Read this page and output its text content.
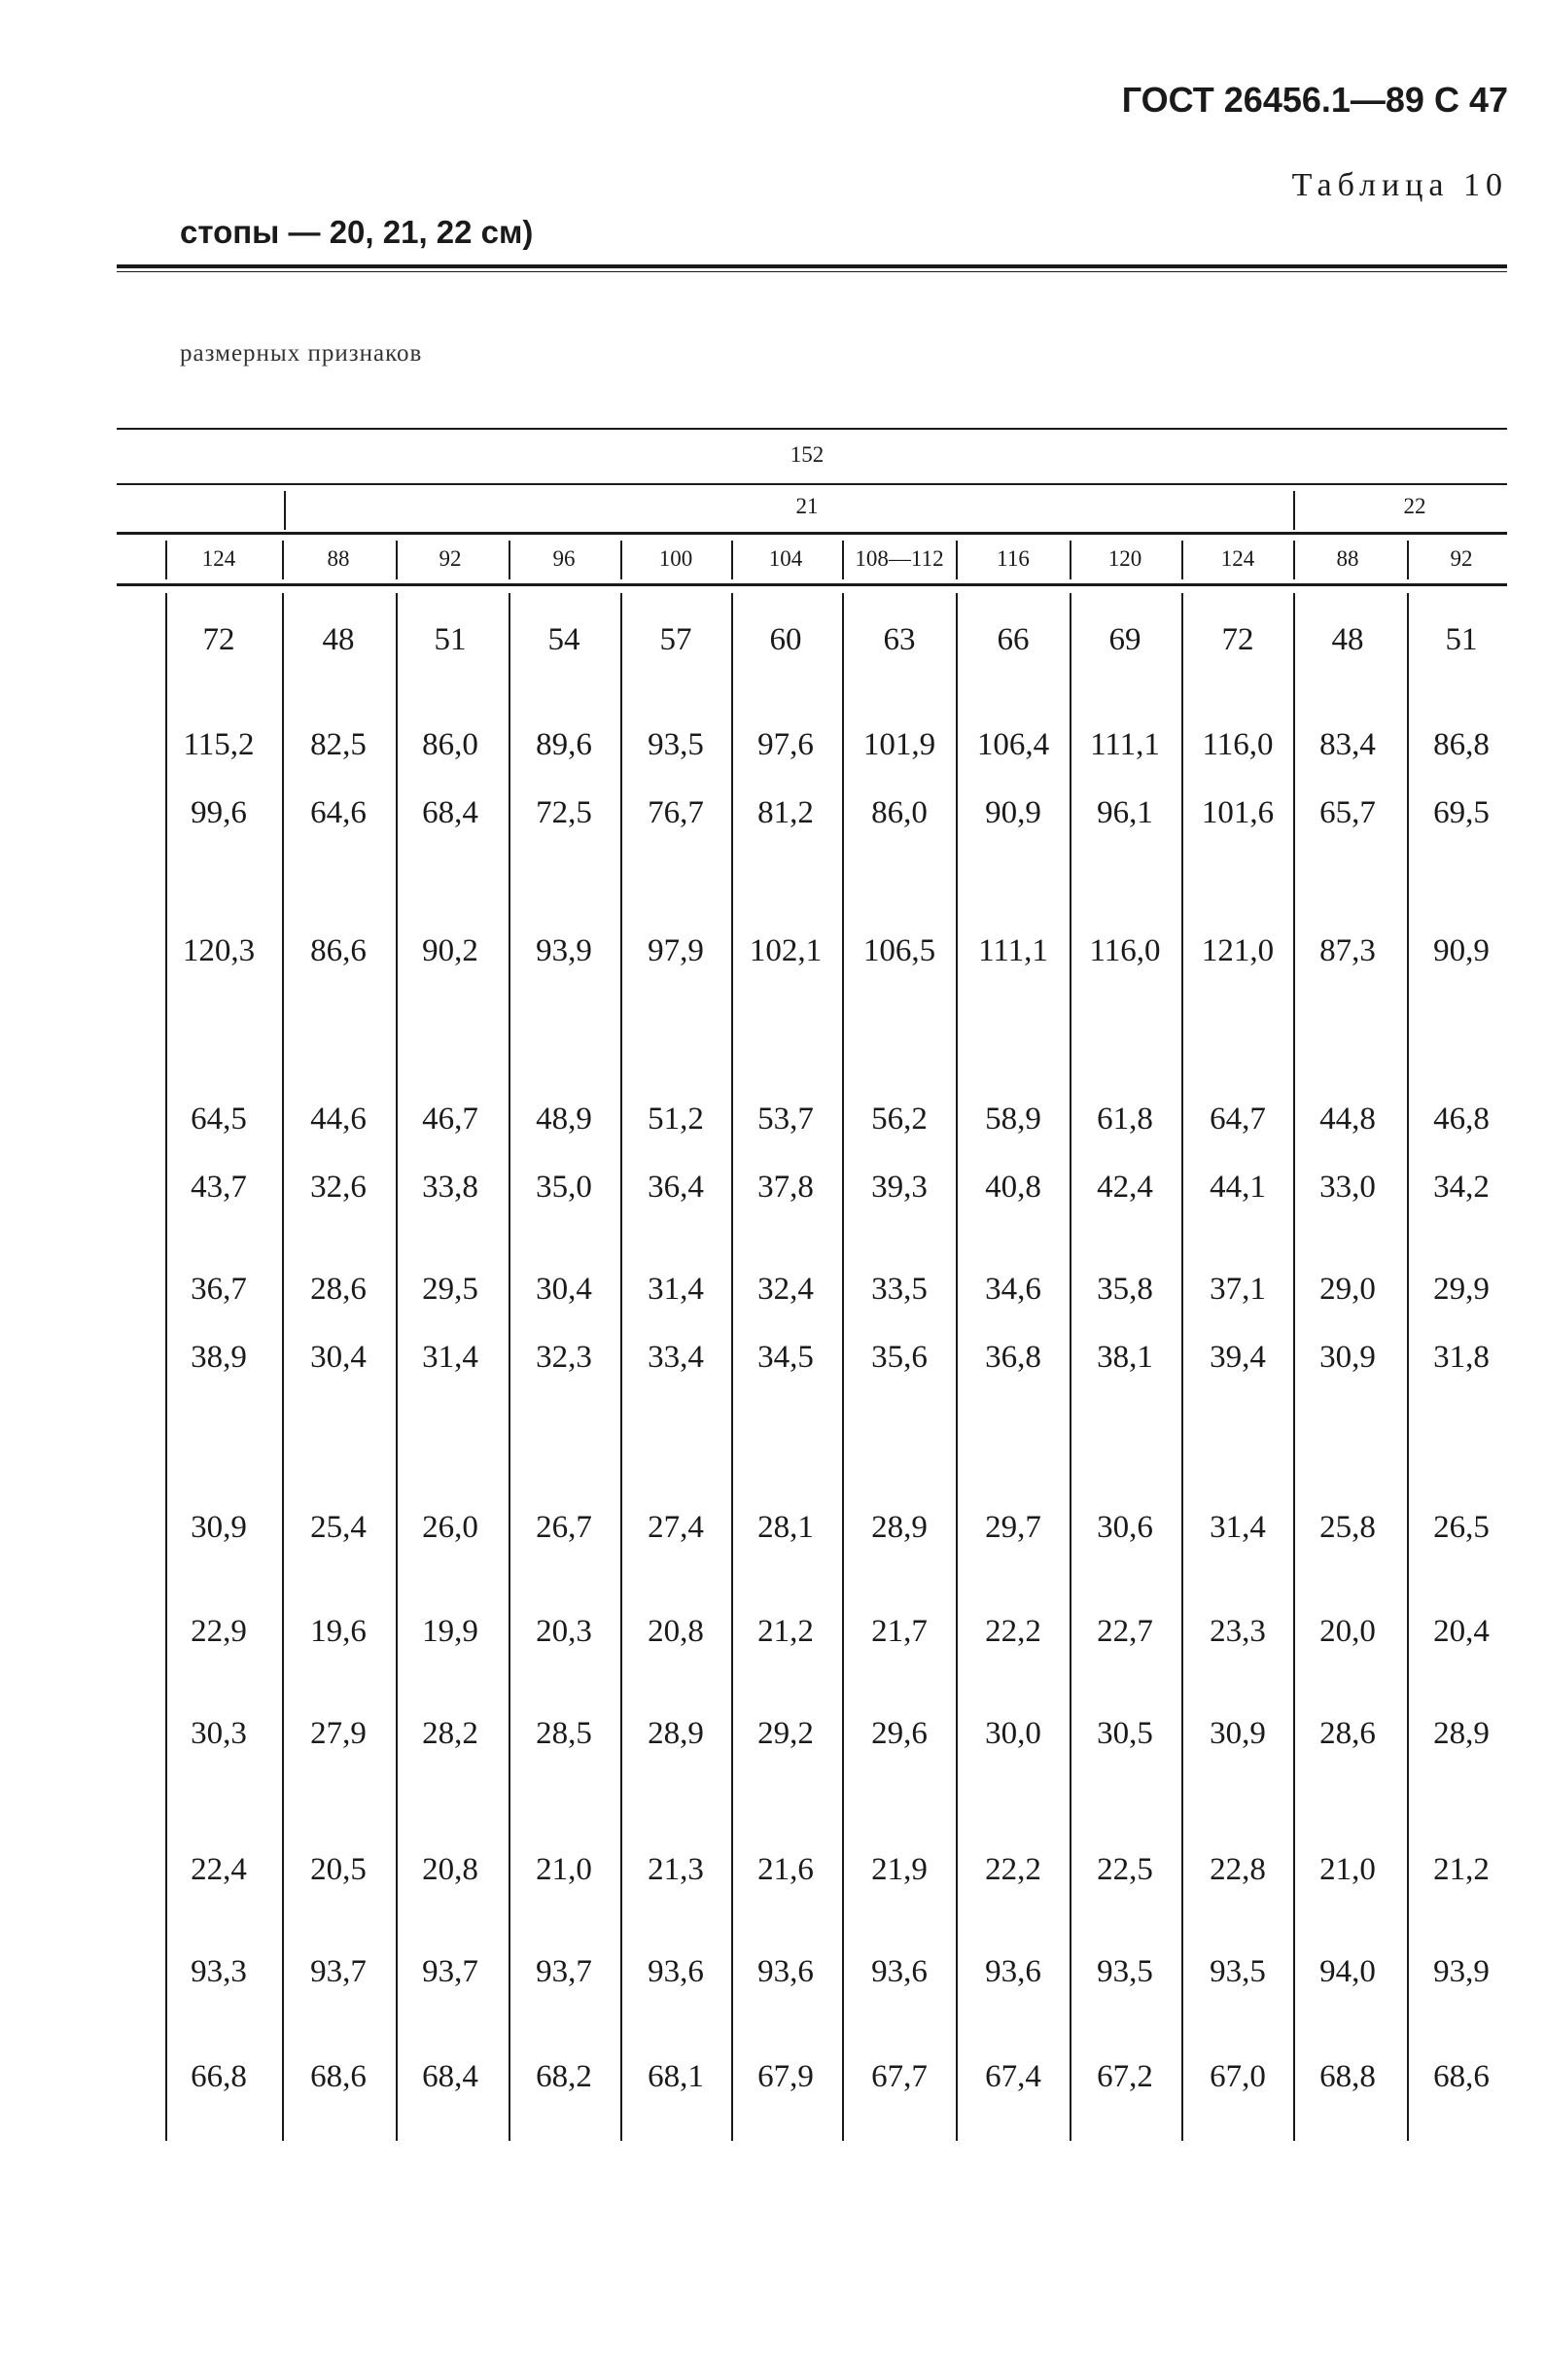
ГОСТ 26456.1—89 С 47
Таблица 10
стопы — 20, 21, 22 см)
размерных признаков
152
21	22
124	88	92	96	100	104 108—112 116	120	124	88	92
72	48 51	54 57 60	63	66 69	72 48	51
115,2 82,5 86,0 89,6 93,5 97,6 101,9 106,4 111,1 116,0 83,4 86,8
99,6 64,6 68,4 72,5 76,7 81,2 86,0 90,9 96,1 101,6 65,7 69,5
120,3 86,6 90,2 93,9 97,9 102,1 106,5 111,1 116,0 121,0 87,3 90,9
64,5 44,6 46,7 48,9 51,2 53,7 56,2 58,9 61,8 64,7 44,8 46,8
43,7 32,6 33,8 35,0 36,4 37,8 39,3 40,8 42,4 44,1 33,0 34,2
36,7 28,6 29,5 30,4 31,4 32,4 33,5 34,6 35,8 37,1 29,0 29,9
38,9 30,4 31,4 32,3 33,4 34,5 35,6 36,8 38,1 39,4 30,9 31,8
30,9 25,4 26,0 26,7 27,4 28,1 28,9 29,7 30,6 31,4 25,8 26,5
22,9 19,6 19,9 20,3 20,8 21,2 21,7 22,2 22,7 23,3 20,0 20,4
30,3 27,9 28,2 28,5 28,9 29,2 29,6 30,0 30,5 30,9 28,6 28,9
22,4 20,5 20,8 21,0 21,3 21,6 21,9 22,2 22,5 22,8 21,0 21,2
93,3 93,7 93,7 93,7 93,6 93,6 93,6 93,6 93,5 93,5 94,0 93,9
66,8 68,6 68,4 68,2 68,1 67,9 67,7 67,4 67,2 67,0 68,8 68,6
